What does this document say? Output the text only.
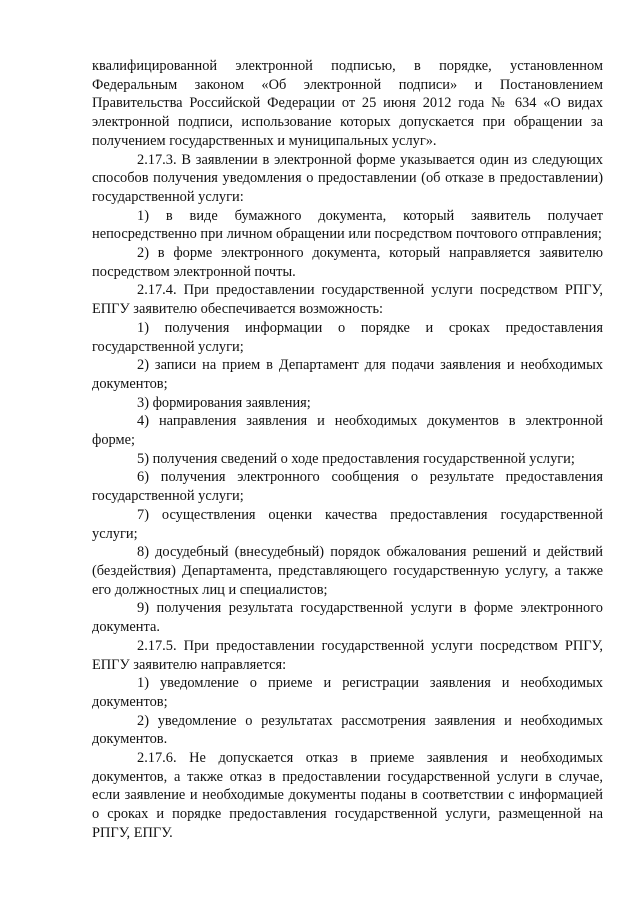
квалифицированной электронной подписью, в порядке, установленном Федеральным законом «Об электронной подписи» и Постановлением Правительства Российской Федерации от 25 июня 2012 года № 634 «О видах электронной подписи, использование которых допускается при обращении за получением государственных и муниципальных услуг».

2.17.3. В заявлении в электронной форме указывается один из следующих способов получения уведомления о предоставлении (об отказе в предоставлении) государственной услуги:

1) в виде бумажного документа, который заявитель получает непосредственно при личном обращении или посредством почтового отправления;

2) в форме электронного документа, который направляется заявителю посредством электронной почты.

2.17.4. При предоставлении государственной услуги посредством РПГУ, ЕПГУ заявителю обеспечивается возможность:

1) получения информации о порядке и сроках предоставления государственной услуги;

2) записи на прием в Департамент для подачи заявления и необходимых документов;

3) формирования заявления;

4) направления заявления и необходимых документов в электронной форме;

5) получения сведений о ходе предоставления государственной услуги;

6) получения электронного сообщения о результате предоставления государственной услуги;

7) осуществления оценки качества предоставления государственной услуги;

8) досудебный (внесудебный) порядок обжалования решений и действий (бездействия) Департамента, представляющего государственную услугу, а также его должностных лиц и специалистов;

9) получения результата государственной услуги в форме электронного документа.

2.17.5. При предоставлении государственной услуги посредством РПГУ, ЕПГУ заявителю направляется:

1) уведомление о приеме и регистрации заявления и необходимых документов;

2) уведомление о результатах рассмотрения заявления и необходимых документов.

2.17.6. Не допускается отказ в приеме заявления и необходимых документов, а также отказ в предоставлении государственной услуги в случае, если заявление и необходимые документы поданы в соответствии с информацией о сроках и порядке предоставления государственной услуги, размещенной на РПГУ, ЕПГУ.
